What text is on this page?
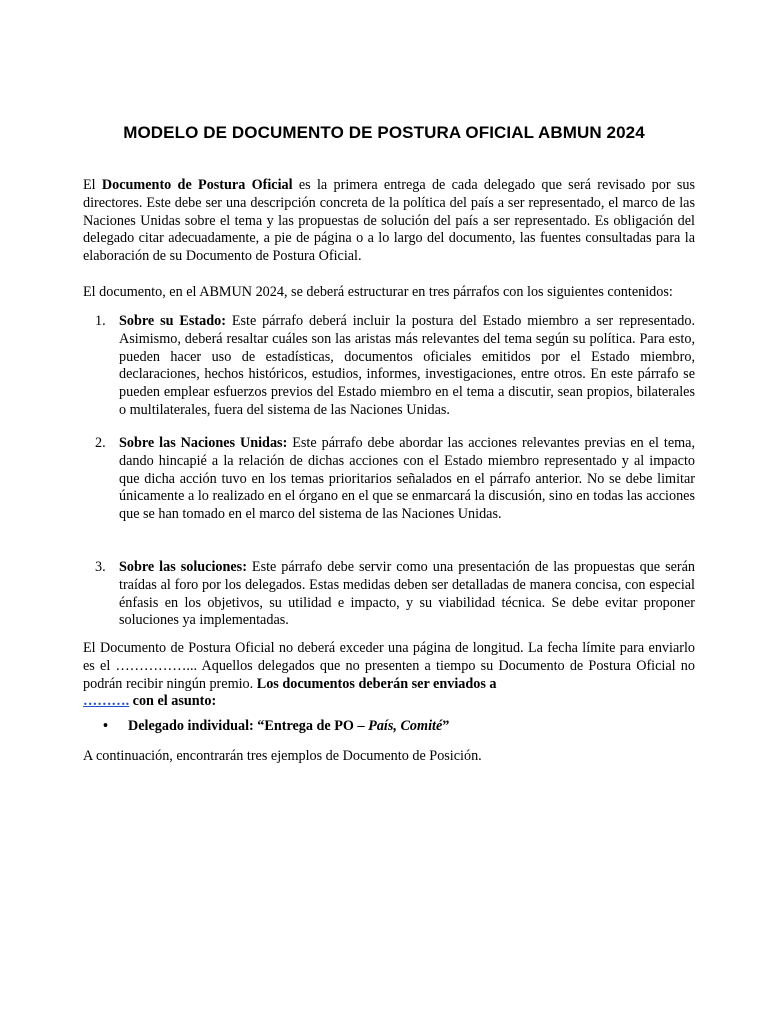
MODELO DE DOCUMENTO DE POSTURA OFICIAL ABMUN 2024

El Documento de Postura Oficial es la primera entrega de cada delegado que será revisado por sus directores. Este debe ser una descripción concreta de la política del país a ser representado, el marco de las Naciones Unidas sobre el tema y las propuestas de solución del país a ser representado. Es obligación del delegado citar adecuadamente, a pie de página o a lo largo del documento, las fuentes consultadas para la elaboración de su Documento de Postura Oficial.

El documento, en el ABMUN 2024, se deberá estructurar en tres párrafos con los siguientes contenidos:

1. Sobre su Estado: Este párrafo deberá incluir la postura del Estado miembro a ser representado. Asimismo, deberá resaltar cuáles son las aristas más relevantes del tema según su política. Para esto, pueden hacer uso de estadísticas, documentos oficiales emitidos por el Estado miembro, declaraciones, hechos históricos, estudios, informes, investigaciones, entre otros. En este párrafo se pueden emplear esfuerzos previos del Estado miembro en el tema a discutir, sean propios, bilaterales o multilaterales, fuera del sistema de las Naciones Unidas.
2. Sobre las Naciones Unidas: Este párrafo debe abordar las acciones relevantes previas en el tema, dando hincapié a la relación de dichas acciones con el Estado miembro representado y al impacto que dicha acción tuvo en los temas prioritarios señalados en el párrafo anterior. No se debe limitar únicamente a lo realizado en el órgano en el que se enmarcará la discusión, sino en todas las acciones que se han tomado en el marco del sistema de las Naciones Unidas.
3. Sobre las soluciones: Este párrafo debe servir como una presentación de las propuestas que serán traídas al foro por los delegados. Estas medidas deben ser detalladas de manera concisa, con especial énfasis en los objetivos, su utilidad e impacto, y su viabilidad técnica. Se debe evitar proponer soluciones ya implementadas.

El Documento de Postura Oficial no deberá exceder una página de longitud. La fecha límite para enviarlo es el ……………... Aquellos delegados que no presenten a tiempo su Documento de Postura Oficial no podrán recibir ningún premio. Los documentos deberán ser enviados a
………. con el asunto:

• Delegado individual: “Entrega de PO – País, Comité”

A continuación, encontrarán tres ejemplos de Documento de Posición.
